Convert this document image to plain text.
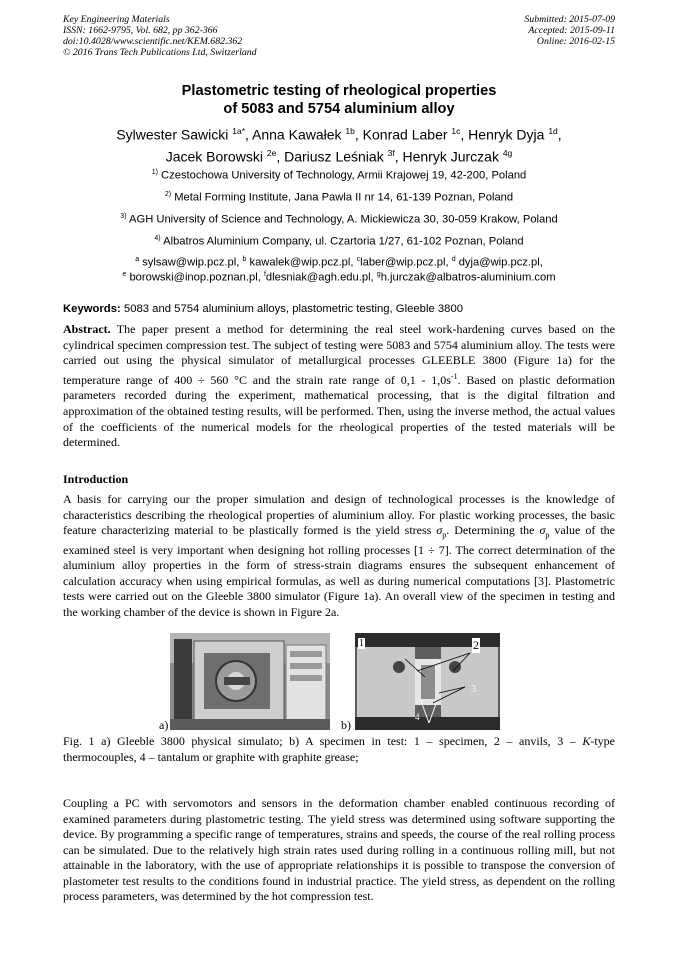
Key Engineering Materials
ISSN: 1662-9795, Vol. 682, pp 362-366
doi:10.4028/www.scientific.net/KEM.682.362
© 2016 Trans Tech Publications Ltd, Switzerland
Submitted: 2015-07-09
Accepted: 2015-09-11
Online: 2016-02-15
Plastometric testing of rheological properties
of 5083 and 5754 aluminium alloy
Sylwester Sawicki $^{1a*}$, Anna Kawałek $^{1b}$, Konrad Laber $^{1c}$, Henryk Dyja $^{1d}$,
Jacek Borowski $^{2e}$, Dariusz Leśniak $^{3f}$, Henryk Jurczak $^{4g}$
$^{1)}$ Czestochowa University of Technology, Armii Krajowej 19, 42-200, Poland
$^{2)}$ Metal Forming Institute, Jana Pawla II nr 14, 61-139 Poznan, Poland
$^{3)}$ AGH University of Science and Technology, A. Mickiewicza 30, 30-059 Krakow, Poland
$^{4)}$ Albatros Aluminium Company, ul. Czartoria 1/27, 61-102 Poznan, Poland
$^a$ sylsaw@wip.pcz.pl, $^b$ kawalek@wip.pcz.pl, $^c$laber@wip.pcz.pl, $^d$ dyja@wip.pcz.pl,
$^e$ borowski@inop.poznan.pl, $^f$dlesniak@agh.edu.pl, $^g$h.jurczak@albatros-aluminium.com
Keywords: 5083 and 5754 aluminium alloys, plastometric testing, Gleeble 3800

Abstract. The paper present a method for determining the real steel work-hardening curves based on the cylindrical specimen compression test. The subject of testing were 5083 and 5754 aluminium alloy. The tests were carried out using the physical simulator of metallurgical processes GLEEBLE 3800 (Figure 1a) for the temperature range of 400 ÷ 560 °C and the strain rate range of $0,1 - 1,0s^{-1}$. Based on plastic deformation parameters recorded during the experiment, mathematical processing, that is the digital filtration and approximation of the obtained testing results, will be performed. Then, using the inverse method, the actual values of the coefficients of the numerical models for the rheological properties of the tested materials will be determined.

Introduction

A basis for carrying our the proper simulation and design of technological processes is the knowledge of characteristics describing the rheological properties of aluminium alloy. For plastic working processes, the basic feature characterizing material to be plastically formed is the yield stress $\sigma_p$. Determining the $\sigma_p$ value of the examined steel is very important when designing hot rolling processes [1 ÷ 7]. The correct determination of the aluminium alloy properties in the form of stress-strain diagrams ensures the subsequent enhancement of calculation accuracy when using empirical formulas, as well as during numerical computations [3]. Plastometric tests were carried out on the Gleeble 3800 simulator (Figure 1a). An overall view of the specimen in testing and the working chamber of the device is shown in Figure 2a.

1	2
3
4
a)	b)

Fig. 1 a) Gleeble 3800 physical simulato; b) A specimen in test: 1 – specimen, 2 – anvils, 3 – K-type thermocouples, 4 – tantalum or graphite with graphite grease;

Coupling a PC with servomotors and sensors in the deformation chamber enabled continuous recording of examined parameters during plastometric testing. The yield stress was determined using software supporting the device. By programming a specific range of temperatures, strains and speeds, the course of the real rolling process can be simulated. Due to the relatively high strain rates used during rolling in a continuous rolling mill, but not attainable in the laboratory, with the use of appropriate relationships it is possible to transpose the conversion of plastometer test results to the conditions found in industrial practice. The yield stress, as dependent on the rolling process parameters, was determined by the hot compression test.
